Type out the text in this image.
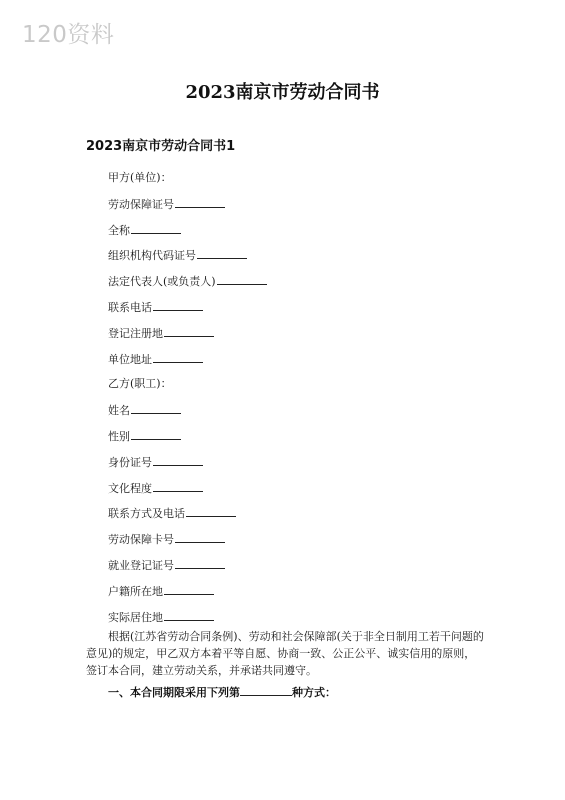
120资料
2023南京市劳动合同书
2023南京市劳动合同书1
甲方(单位)：
劳动保障证号
全称
组织机构代码证号
法定代表人(或负责人)
联系电话
登记注册地
单位地址
乙方(职工)：
姓名
性别
身份证号
文化程度
联系方式及电话
劳动保障卡号
就业登记证号
户籍所在地
实际居住地
根据(江苏省劳动合同条例)、劳动和社会保障部(关于非全日制用工若干问题的意见)的规定，甲乙双方本着平等自愿、协商一致、公正公平、诚实信用的原则，签订本合同，建立劳动关系，并承诺共同遵守。
一、本合同期限采用下列第	种方式：
